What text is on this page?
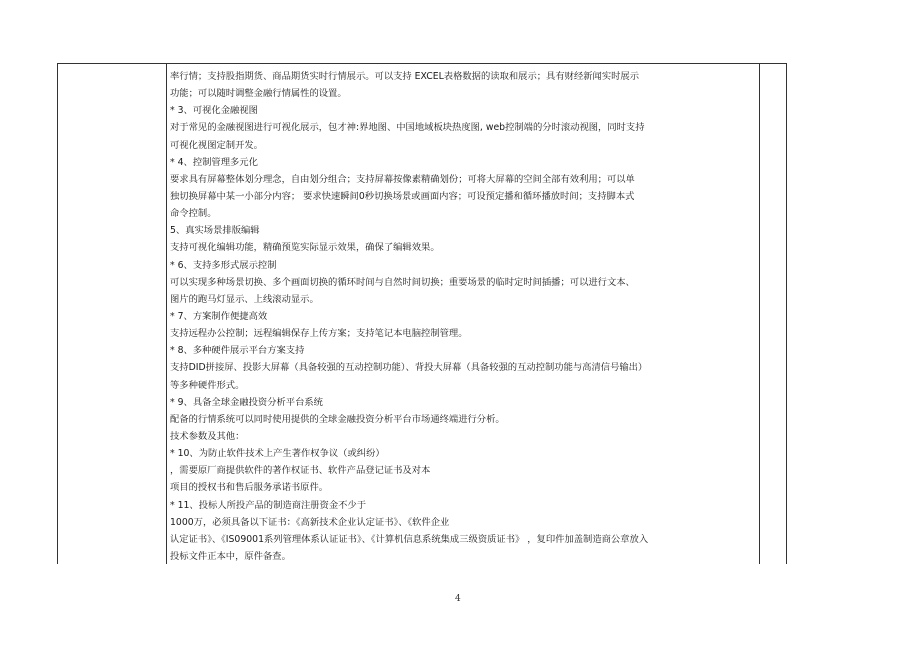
率行情；支持股指期货、商品期货实时行情展示。可以支持 EXCEL表格数据的读取和展示；具有财经新闻实时展示
功能；可以随时调整金融行情属性的设置。
* 3、可视化金融视图
对于常见的金融视图进行可视化展示，包才神:界地图、中国地域板块热度图, web控制端的分时滚动视图，同时支持
可视化视图定制开发。
* 4、控制管理多元化
要求具有屏幕整体划分理念，自由划分组合；支持屏幕按像素精确划份；可将大屏幕的空间全部有效利用；可以单
独切换屏幕中某一小部分内容； 要求快速瞬间0秒切换场景或画面内容；可设预定播和循环播放时间；支持脚本式
命令控制。
5、真实场景排版编辑
支持可视化编辑功能，精确预览实际显示效果，确保了编辑效果。
* 6、支持多形式展示控制
可以实现多种场景切换、多个画面切换的循环时间与自然时间切换；重要场景的临时定时间插播；可以进行文本、
图片的跑马灯显示、上线滚动显示。
* 7、方案制作便捷高效
支持远程办公控制；远程编辑保存上传方案；支持笔记本电脑控制管理。
* 8、多种硬件展示平台方案支持
支持DID拼接屏、投影大屏幕（具备较强的互动控制功能）、背投大屏幕（具备较强的互动控制功能与高清信号输出）
等多种硬件形式。
* 9、具备全球金融投资分析平台系统
配备的行情系统可以同时使用提供的全球金融投资分析平台市场通终端进行分析。
技术参数及其他：
* 10、为防止软件技术上产生著作权争议（或纠纷）
，需要原厂商提供软件的著作权证书、软件产品登记证书及对本
项目的授权书和售后服务承诺书原件。
* 11、投标人所投产品的制造商注册资金不少于
1000万，必须具备以下证书：《高新技术企业认定证书》、《软件企业
认定证书》、《IS09001系列管理体系认证证书》、《计算机信息系统集成三级资质证书》 ，复印件加盖制造商公章放入
投标文件正本中，原件备查。
4
